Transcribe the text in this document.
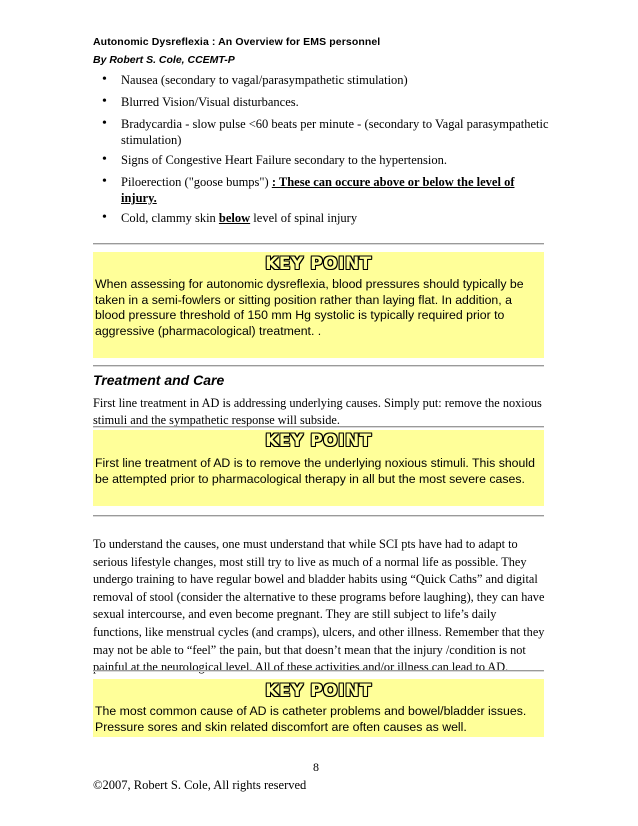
Autonomic Dysreflexia : An Overview for EMS personnel
By Robert S. Cole, CCEMT-P
• Nausea (secondary to vagal/parasympathetic stimulation)
• Blurred Vision/Visual disturbances.
• Bradycardia - slow pulse <60 beats per minute - (secondary to Vagal parasympathetic stimulation)
• Signs of Congestive Heart Failure secondary to the hypertension.
• Piloerection ("goose bumps") : These can occure above or below the level of injury.
• Cold, clammy skin below level of spinal injury
KEY POINT
When assessing for autonomic dysreflexia, blood pressures should typically be taken in a semi-fowlers or sitting position rather than laying flat. In addition, a blood pressure threshold of 150 mm Hg systolic is typically required prior to aggressive (pharmacological) treatment. .
Treatment and Care

First line treatment in AD is addressing underlying causes. Simply put: remove the noxious stimuli and the sympathetic response will subside.

KEY POINT
First line treatment of AD is to remove the underlying noxious stimuli. This should be attempted prior to pharmacological therapy in all but the most severe cases.

To understand the causes, one must understand that while SCI pts have had to adapt to serious lifestyle changes, most still try to live as much of a normal life as possible. They undergo training to have regular bowel and bladder habits using “Quick Caths” and digital removal of stool (consider the alternative to these programs before laughing), they can have sexual intercourse, and even become pregnant. They are still subject to life’s daily functions, like menstrual cycles (and cramps), ulcers, and other illness. Remember that they may not be able to “feel” the pain, but that doesn’t mean that the injury /condition is not painful at the neurological level. All of these activities and/or illness can lead to AD.

KEY POINT
The most common cause of AD is catheter problems and bowel/bladder issues. Pressure sores and skin related discomfort are often causes as well.
8
©2007, Robert S. Cole, All rights reserved
